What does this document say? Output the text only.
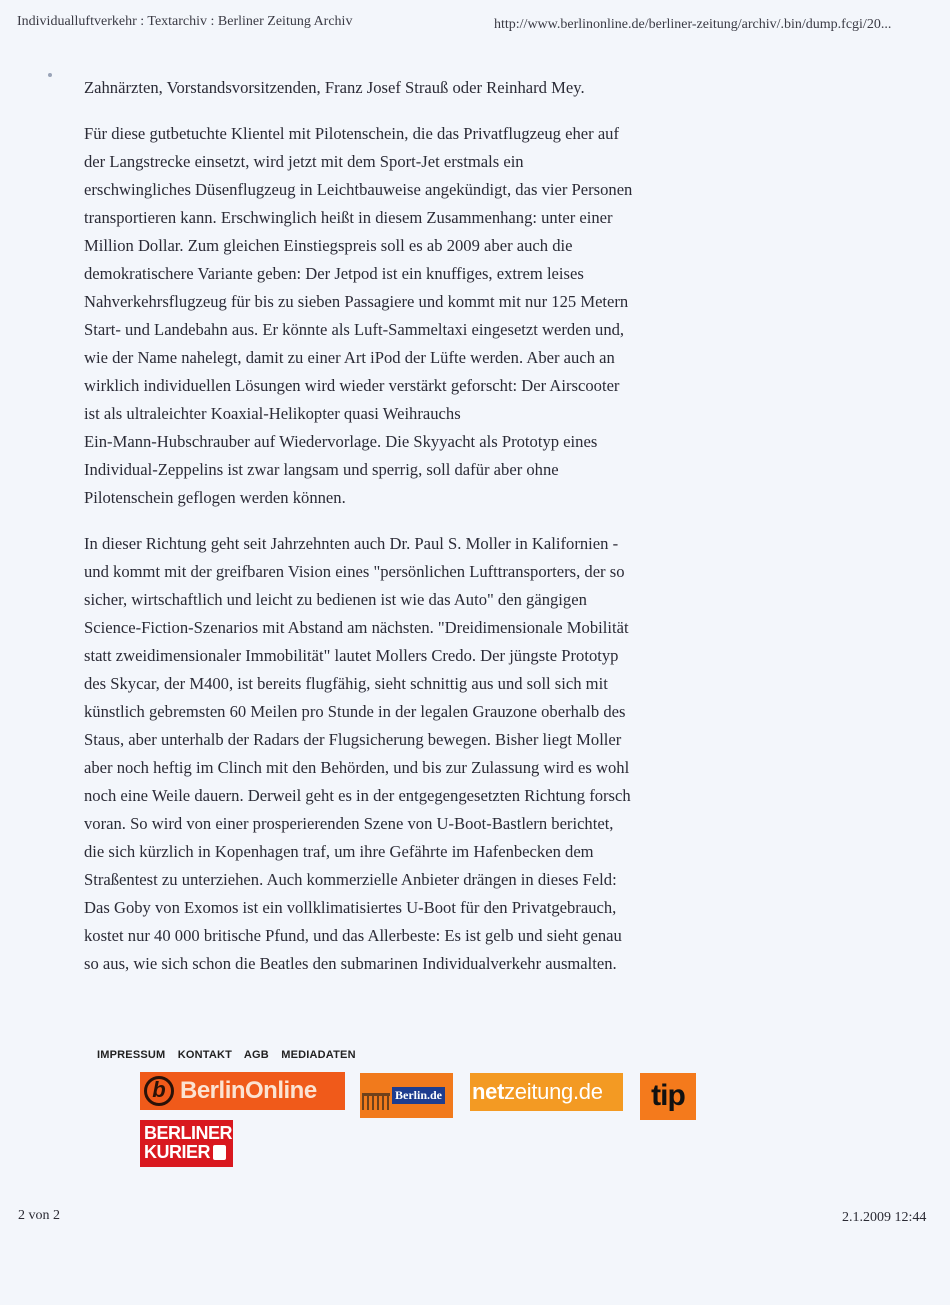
Individualluftverkehr : Textarchiv : Berliner Zeitung Archiv	http://www.berlinonline.de/berliner-zeitung/archiv/.bin/dump.fcgi/20...

Zahnärzten, Vorstandsvorsitzenden, Franz Josef Strauß oder Reinhard Mey.

Für diese gutbetuchte Klientel mit Pilotenschein, die das Privatflugzeug eher auf
der Langstrecke einsetzt, wird jetzt mit dem Sport-Jet erstmals ein
erschwingliches Düsenflugzeug in Leichtbauweise angekündigt, das vier Personen
transportieren kann. Erschwinglich heißt in diesem Zusammenhang: unter einer
Million Dollar. Zum gleichen Einstiegspreis soll es ab 2009 aber auch die
demokratischere Variante geben: Der Jetpod ist ein knuffiges, extrem leises
Nahverkehrsflugzeug für bis zu sieben Passagiere und kommt mit nur 125 Metern
Start- und Landebahn aus. Er könnte als Luft-Sammeltaxi eingesetzt werden und,
wie der Name nahelegt, damit zu einer Art iPod der Lüfte werden. Aber auch an
wirklich individuellen Lösungen wird wieder verstärkt geforscht: Der Airscooter
ist als ultraleichter Koaxial-Helikopter quasi Weihrauchs
Ein-Mann-Hubschrauber auf Wiedervorlage. Die Skyyacht als Prototyp eines
Individual-Zeppelins ist zwar langsam und sperrig, soll dafür aber ohne
Pilotenschein geflogen werden können.

In dieser Richtung geht seit Jahrzehnten auch Dr. Paul S. Moller in Kalifornien -
und kommt mit der greifbaren Vision eines "persönlichen Lufttransporters, der so
sicher, wirtschaftlich und leicht zu bedienen ist wie das Auto" den gängigen
Science-Fiction-Szenarios mit Abstand am nächsten. "Dreidimensionale Mobilität
statt zweidimensionaler Immobilität" lautet Mollers Credo. Der jüngste Prototyp
des Skycar, der M400, ist bereits flugfähig, sieht schnittig aus und soll sich mit
künstlich gebremsten 60 Meilen pro Stunde in der legalen Grauzone oberhalb des
Staus, aber unterhalb der Radars der Flugsicherung bewegen. Bisher liegt Moller
aber noch heftig im Clinch mit den Behörden, und bis zur Zulassung wird es wohl
noch eine Weile dauern. Derweil geht es in der entgegengesetzten Richtung forsch
voran. So wird von einer prosperierenden Szene von U-Boot-Bastlern berichtet,
die sich kürzlich in Kopenhagen traf, um ihre Gefährte im Hafenbecken dem
Straßentest zu unterziehen. Auch kommerzielle Anbieter drängen in dieses Feld:
Das Goby von Exomos ist ein vollklimatisiertes U-Boot für den Privatgebrauch,
kostet nur 40 000 britische Pfund, und das Allerbeste: Es ist gelb und sieht genau
so aus, wie sich schon die Beatles den submarinen Individualverkehr ausmalten.

IMPRESSUM KONTAKT AGB MEDIADATEN
b BerlinOnline	Berlin.de netzeitung.de	tip
BERLINER
KURIER
2 von 2	2.1.2009 12:44
